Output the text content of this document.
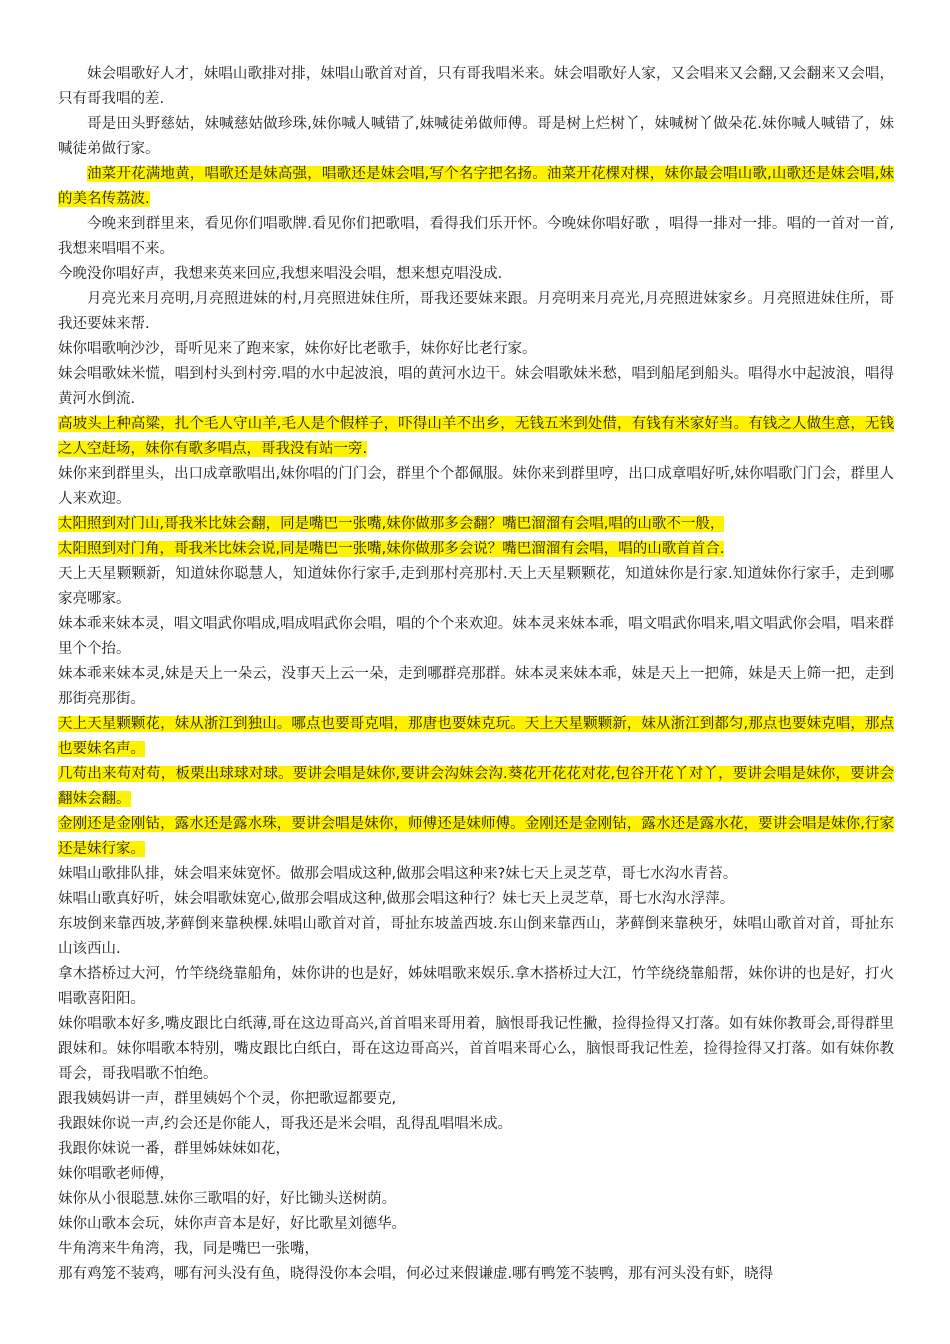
妹会唱歌好人才，妹唱山歌排对排，妹唱山歌首对首，只有哥我唱米来。妹会唱歌好人家，又会唱来又会翻,又会翻来又会唱，只有哥我唱的差.

哥是田头野慈姑，妹喊慈姑做珍珠,妹你喊人喊错了,妹喊徒弟做师傅。哥是树上烂树丫，妹喊树丫做朵花.妹你喊人喊错了，妹喊徒弟做行家。

油菜开花满地黄，唱歌还是妹高强，唱歌还是妹会唱,写个名字把名扬。油菜开花棵对棵，妹你最会唱山歌,山歌还是妹会唱,妹的美名传荔波.

今晚来到群里来，看见你们唱歌牌.看见你们把歌唱，看得我们乐开怀。今晚妹你唱好歌 ，唱得一排对一排。唱的一首对一首,我想来唱唱不来。

今晚没你唱好声，我想来英来回应,我想来唱没会唱，想来想克唱没成.

月亮光来月亮明,月亮照进妹的村,月亮照进妹住所，哥我还要妹来跟。月亮明来月亮光,月亮照进妹家乡。月亮照进妹住所，哥我还要妹来帮.

妹你唱歌响沙沙，哥听见来了跑来家，妹你好比老歌手，妹你好比老行家。

妹会唱歌妹米慌，唱到村头到村旁.唱的水中起波浪，唱的黄河水边干。妹会唱歌妹米愁，唱到船尾到船头。唱得水中起波浪，唱得黄河水倒流.

高坡头上种高粱，扎个毛人守山羊,毛人是个假样子，吓得山羊不出乡，无钱五米到处借，有钱有米家好当。有钱之人做生意，无钱之人空赶场，妹你有歌多唱点，哥我没有站一旁.

妹你来到群里头，出口成章歌唱出,妹你唱的门门会，群里个个都佩服。妹你来到群里哼，出口成章唱好听,妹你唱歌门门会，群里人人来欢迎。

太阳照到对门山,哥我米比妹会翻，同是嘴巴一张嘴,妹你做那多会翻？嘴巴溜溜有会唱,唱的山歌不一般，

太阳照到对门角，哥我米比妹会说,同是嘴巴一张嘴,妹你做那多会说？嘴巴溜溜有会唱，唱的山歌首首合.

天上天星颗颗新，知道妹你聪慧人，知道妹你行家手,走到那村亮那村.天上天星颗颗花，知道妹你是行家.知道妹你行家手，走到哪家亮哪家。

妹本乖来妹本灵，唱文唱武你唱成,唱成唱武你会唱，唱的个个来欢迎。妹本灵来妹本乖，唱文唱武你唱来,唱文唱武你会唱，唱来群里个个抬。

妹本乖来妹本灵,妹是天上一朵云，没事天上云一朵，走到哪群亮那群。妹本灵来妹本乖，妹是天上一把筛，妹是天上筛一把，走到那街亮那街。

天上天星颗颗花，妹从浙江到独山。哪点也要哥克唱，那唐也要妹克玩。天上天星颗颗新，妹从浙江到都匀,那点也要妹克唱，那点也要妹名声。

几苟出来苟对苟，板栗出球球对球。要讲会唱是妹你,要讲会沟妹会沟.葵花开花花对花,包谷开花丫对丫，要讲会唱是妹你，要讲会翻妹会翻。

金刚还是金刚钻，露水还是露水珠，要讲会唱是妹你，师傅还是妹师傅。金刚还是金刚钻，露水还是露水花，要讲会唱是妹你,行家还是妹行家。

妹唱山歌排队排，妹会唱来妹宽怀。做那会唱成这种,做那会唱这种来?妹七天上灵芝草，哥七水沟水青苔。

妹唱山歌真好听，妹会唱歌妹宽心,做那会唱成这种,做那会唱这种行？妹七天上灵芝草，哥七水沟水浮萍。

东坡倒来靠西坡,茅藓倒来靠秧棵.妹唱山歌首对首，哥扯东坡盖西坡.东山倒来靠西山，茅藓倒来靠秧牙，妹唱山歌首对首，哥扯东山该西山.

拿木搭桥过大河，竹竿绕绕靠船角，妹你讲的也是好，姊妹唱歌来娱乐.拿木搭桥过大江，竹竿绕绕靠船帮，妹你讲的也是好，打火唱歌喜阳阳。

妹你唱歌本好多,嘴皮跟比白纸薄,哥在这边哥高兴,首首唱来哥用着，脑恨哥我记性撇，捡得捡得又打落。如有妹你教哥会,哥得群里跟妹和。妹你唱歌本特别，嘴皮跟比白纸白，哥在这边哥高兴，首首唱来哥心么，脑恨哥我记性差，捡得捡得又打落。如有妹你教哥会，哥我唱歌不怕绝。

跟我姨妈讲一声，群里姨妈个个灵，你把歌逗都要克,

我跟妹你说一声,约会还是你能人，哥我还是米会唱，乱得乱唱唱米成。

我跟你妹说一番，群里姊妹妹如花，

妹你唱歌老师傅，

妹你从小很聪慧.妹你三歌唱的好，好比锄头送树荫。

妹你山歌本会玩，妹你声音本是好，好比歌星刘德华。

牛角湾来牛角湾，我，同是嘴巴一张嘴，

那有鸡笼不装鸡，哪有河头没有鱼，晓得没你本会唱，何必过来假谦虚.哪有鸭笼不装鸭，那有河头没有虾，晓得
